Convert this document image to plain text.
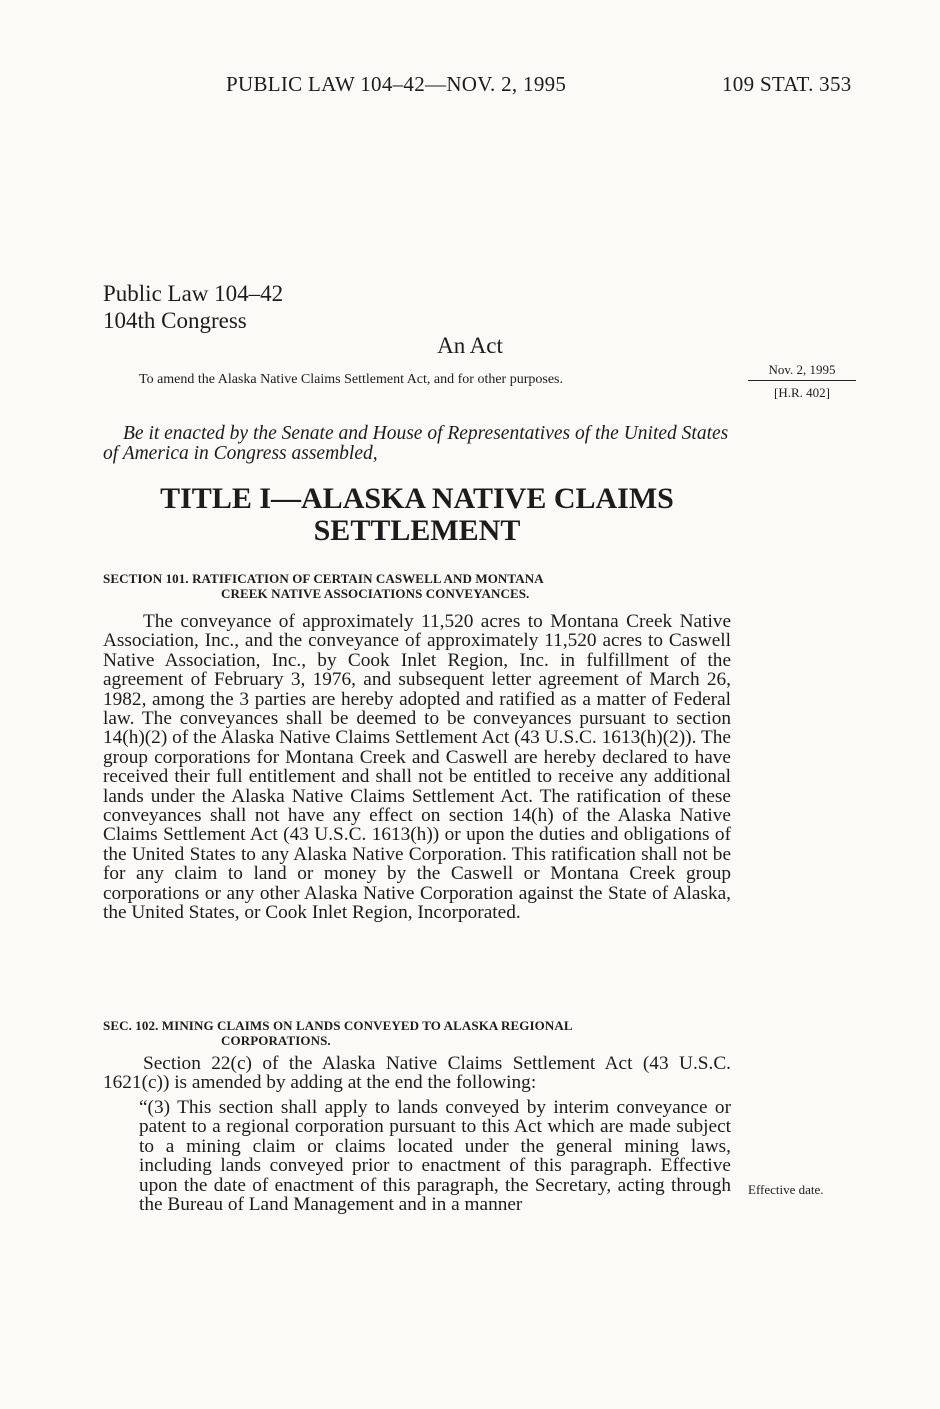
PUBLIC LAW 104–42—NOV. 2, 1995	109 STAT. 353
Public Law 104–42
104th Congress
An Act
To amend the Alaska Native Claims Settlement Act, and for other purposes.
Nov. 2, 1995
[H.R. 402]
Be it enacted by the Senate and House of Representatives of the United States of America in Congress assembled,
TITLE I—ALASKA NATIVE CLAIMS SETTLEMENT
SECTION 101. RATIFICATION OF CERTAIN CASWELL AND MONTANA
CREEK NATIVE ASSOCIATIONS CONVEYANCES.
The conveyance of approximately 11,520 acres to Montana Creek Native Association, Inc., and the conveyance of approximately 11,520 acres to Caswell Native Association, Inc., by Cook Inlet Region, Inc. in fulfillment of the agreement of February 3, 1976, and subsequent letter agreement of March 26, 1982, among the 3 parties are hereby adopted and ratified as a matter of Federal law. The conveyances shall be deemed to be conveyances pursuant to section 14(h)(2) of the Alaska Native Claims Settlement Act (43 U.S.C. 1613(h)(2)). The group corporations for Montana Creek and Caswell are hereby declared to have received their full entitlement and shall not be entitled to receive any additional lands under the Alaska Native Claims Settlement Act. The ratification of these conveyances shall not have any effect on section 14(h) of the Alaska Native Claims Settlement Act (43 U.S.C. 1613(h)) or upon the duties and obligations of the United States to any Alaska Native Corporation. This ratification shall not be for any claim to land or money by the Caswell or Montana Creek group corporations or any other Alaska Native Corporation against the State of Alaska, the United States, or Cook Inlet Region, Incorporated.
SEC. 102. MINING CLAIMS ON LANDS CONVEYED TO ALASKA REGIONAL
CORPORATIONS.
Section 22(c) of the Alaska Native Claims Settlement Act (43 U.S.C. 1621(c)) is amended by adding at the end the following:
“(3) This section shall apply to lands conveyed by interim conveyance or patent to a regional corporation pursuant to this Act which are made subject to a mining claim or claims located under the general mining laws, including lands conveyed prior to enactment of this paragraph. Effective upon the date of enactment of this paragraph, the Secretary, acting through the Bureau of Land Management and in a manner
Effective date.
